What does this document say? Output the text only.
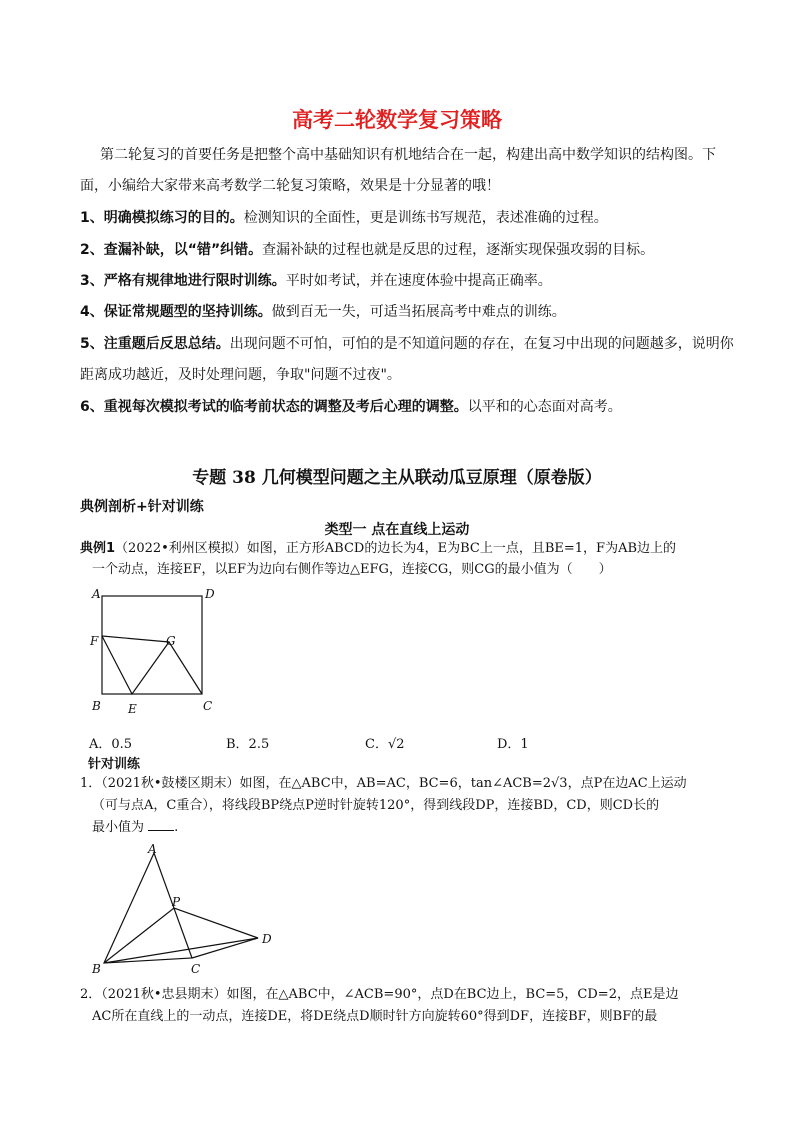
高考二轮数学复习策略
第二轮复习的首要任务是把整个高中基础知识有机地结合在一起，构建出高中数学知识的结构图。下
面，小编给大家带来高考数学二轮复习策略，效果是十分显著的哦！
1、明确模拟练习的目的。检测知识的全面性，更是训练书写规范，表述准确的过程。
2、查漏补缺，以“错”纠错。查漏补缺的过程也就是反思的过程，逐渐实现保强攻弱的目标。
3、严格有规律地进行限时训练。平时如考试，并在速度体验中提高正确率。
4、保证常规题型的坚持训练。做到百无一失，可适当拓展高考中难点的训练。
5、注重题后反思总结。出现问题不可怕，可怕的是不知道问题的存在，在复习中出现的问题越多，说明你
距离成功越近，及时处理问题，争取"问题不过夜"。
6、重视每次模拟考试的临考前状态的调整及考后心理的调整。以平和的心态面对高考。
专题 38 几何模型问题之主从联动瓜豆原理（原卷版）
典例剖析+针对训练
类型一 点在直线上运动
典例1（2022•利州区模拟）如图，正方形ABCD的边长为4，E为BC上一点，且BE=1，F为AB边上的
一个动点，连接EF，以EF为边向右侧作等边△EFG，连接CG，则CG的最小值为（　　）
A	D
F	G
B E	C
A．0.5	B．2.5	C．√2	D．1
针对训练
1．（2021秋•鼓楼区期末）如图，在△ABC中，AB=AC，BC=6，tan∠ACB=2√3，点P在边AC上运动
（可与点A，C重合），将线段BP绕点P逆时针旋转120°，得到线段DP，连接BD，CD，则CD长的
最小值为 .
A
P
D
B	C
2．（2021秋•忠县期末）如图，在△ABC中，∠ACB=90°，点D在BC边上，BC=5，CD=2，点E是边
AC所在直线上的一动点，连接DE，将DE绕点D顺时针方向旋转60°得到DF，连接BF，则BF的最
